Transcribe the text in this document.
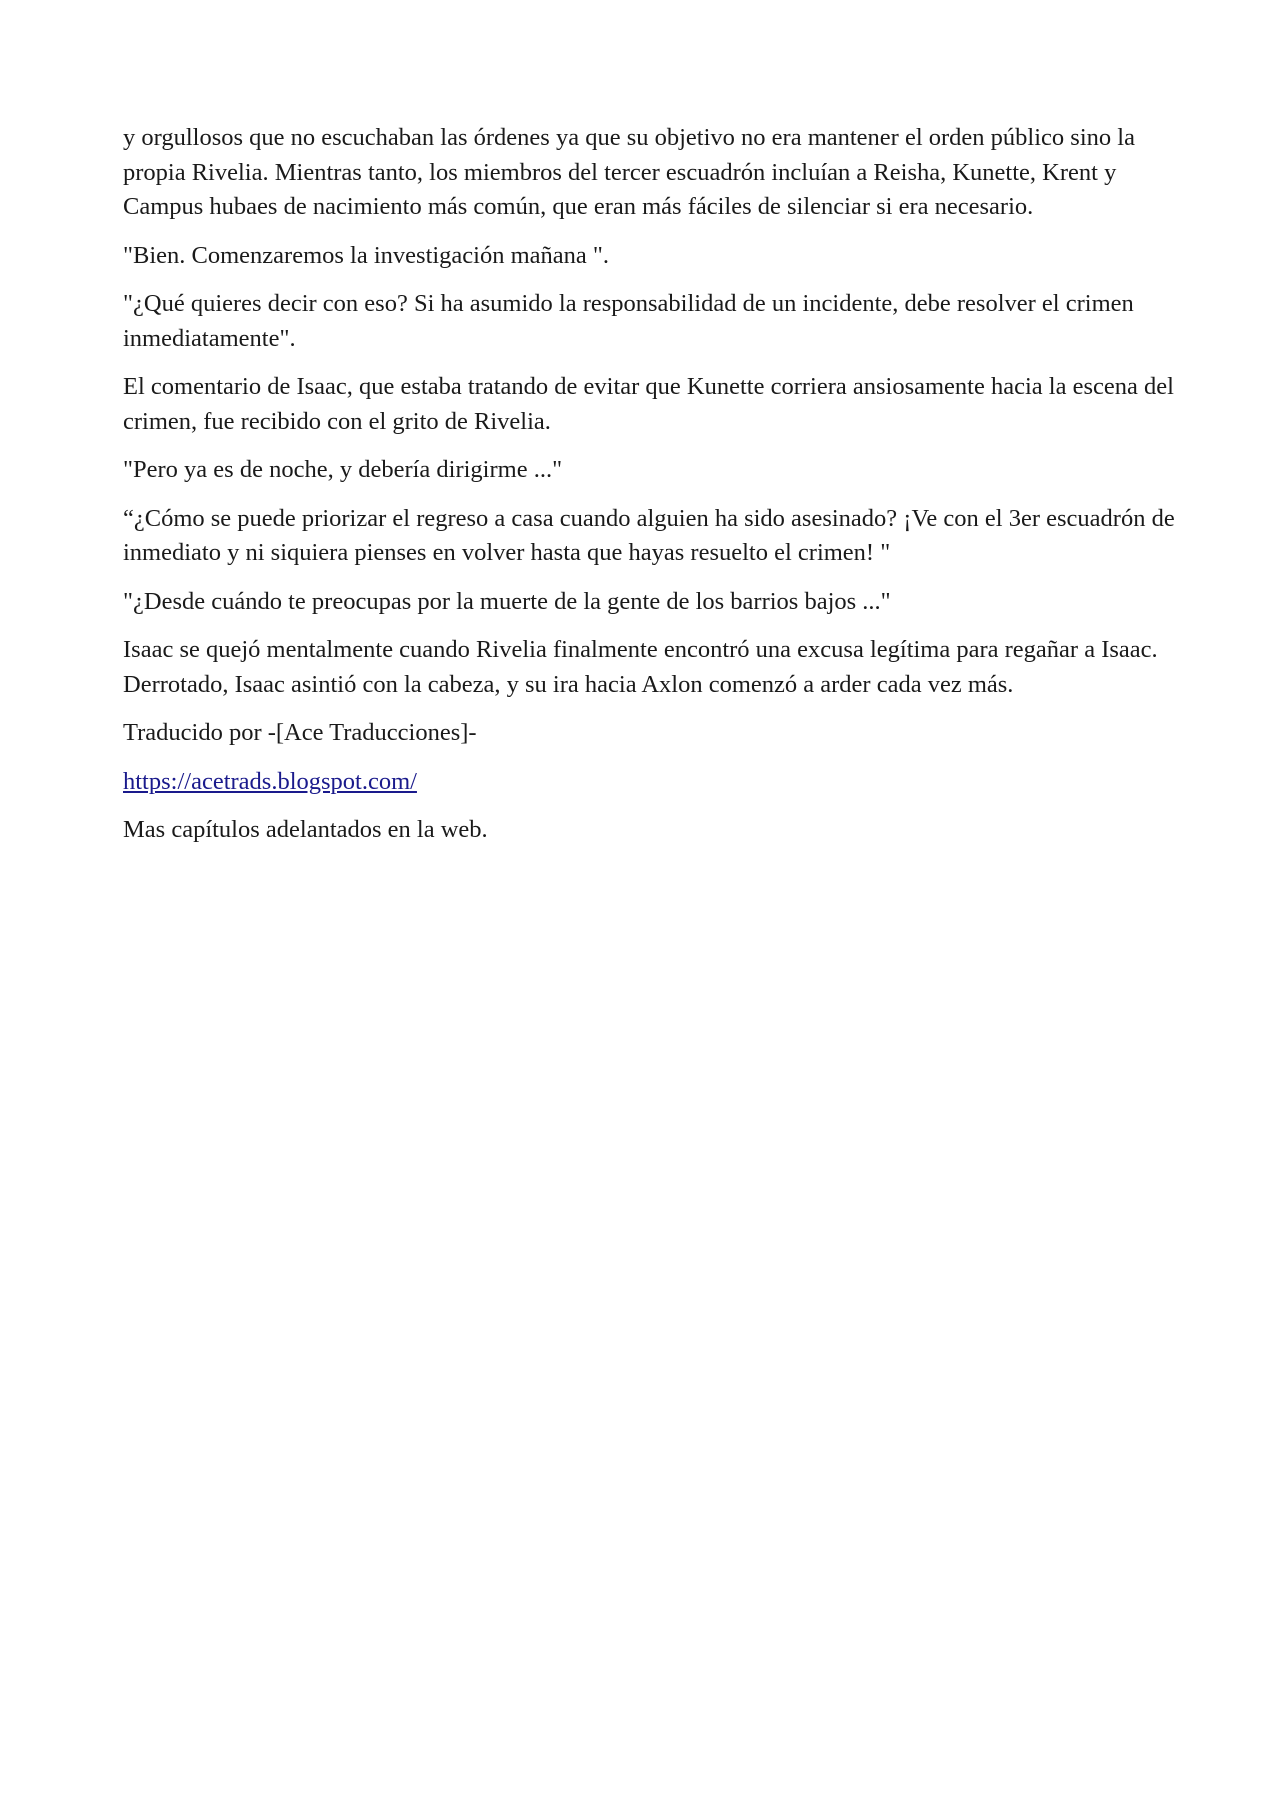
y orgullosos que no escuchaban las órdenes ya que su objetivo no era mantener el orden público sino la propia Rivelia. Mientras tanto, los miembros del tercer escuadrón incluían a Reisha, Kunette, Krent y Campus hubaes de nacimiento más común, que eran más fáciles de silenciar si era necesario.

"Bien. Comenzaremos la investigación mañana ".

"¿Qué quieres decir con eso? Si ha asumido la responsabilidad de un incidente, debe resolver el crimen inmediatamente".

El comentario de Isaac, que estaba tratando de evitar que Kunette corriera ansiosamente hacia la escena del crimen, fue recibido con el grito de Rivelia.

"Pero ya es de noche, y debería dirigirme ..."

“¿Cómo se puede priorizar el regreso a casa cuando alguien ha sido asesinado? ¡Ve con el 3er escuadrón de inmediato y ni siquiera pienses en volver hasta que hayas resuelto el crimen! "

"¿Desde cuándo te preocupas por la muerte de la gente de los barrios bajos ..."

Isaac se quejó mentalmente cuando Rivelia finalmente encontró una excusa legítima para regañar a Isaac. Derrotado, Isaac asintió con la cabeza, y su ira hacia Axlon comenzó a arder cada vez más.

Traducido por -[Ace Traducciones]-

https://acetrads.blogspot.com/

Mas capítulos adelantados en la web.
